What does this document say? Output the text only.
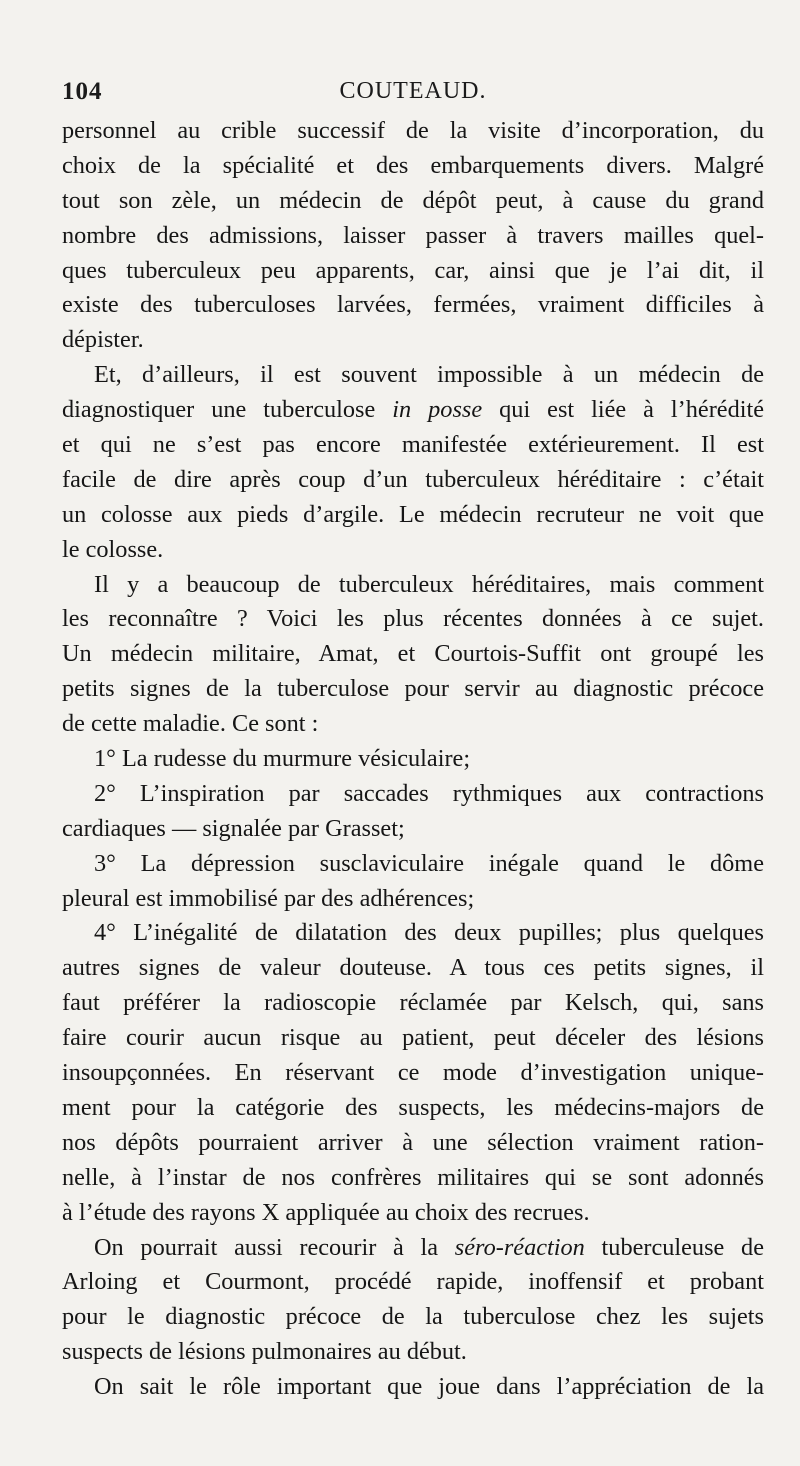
104	COUTEAUD.
personnel au crible successif de la visite d’incorporation, du
choix de la spécialité et des embarquements divers. Malgré
tout son zèle, un médecin de dépôt peut, à cause du grand
nombre des admissions, laisser passer à travers mailles quel-
ques tuberculeux peu apparents, car, ainsi que je l’ai dit, il
existe des tuberculoses larvées, fermées, vraiment difficiles à
dépister.
Et, d’ailleurs, il est souvent impossible à un médecin de
diagnostiquer une tuberculose in posse qui est liée à l’hérédité
et qui ne s’est pas encore manifestée extérieurement. Il est
facile de dire après coup d’un tuberculeux héréditaire : c’était
un colosse aux pieds d’argile. Le médecin recruteur ne voit que
le colosse.
Il y a beaucoup de tuberculeux héréditaires, mais comment
les reconnaître ? Voici les plus récentes données à ce sujet.
Un médecin militaire, Amat, et Courtois-Suffit ont groupé les
petits signes de la tuberculose pour servir au diagnostic précoce
de cette maladie. Ce sont :
1° La rudesse du murmure vésiculaire;
2° L’inspiration par saccades rythmiques aux contractions
cardiaques — signalée par Grasset;
3° La dépression susclaviculaire inégale quand le dôme
pleural est immobilisé par des adhérences;
4° L’inégalité de dilatation des deux pupilles; plus quelques
autres signes de valeur douteuse. A tous ces petits signes, il
faut préférer la radioscopie réclamée par Kelsch, qui, sans
faire courir aucun risque au patient, peut déceler des lésions
insoupçonnées. En réservant ce mode d’investigation unique-
ment pour la catégorie des suspects, les médecins-majors de
nos dépôts pourraient arriver à une sélection vraiment ration-
nelle, à l’instar de nos confrères militaires qui se sont adonnés
à l’étude des rayons X appliquée au choix des recrues.
On pourrait aussi recourir à la séro-réaction tuberculeuse de
Arloing et Courmont, procédé rapide, inoffensif et probant
pour le diagnostic précoce de la tuberculose chez les sujets
suspects de lésions pulmonaires au début.
On sait le rôle important que joue dans l’appréciation de la
